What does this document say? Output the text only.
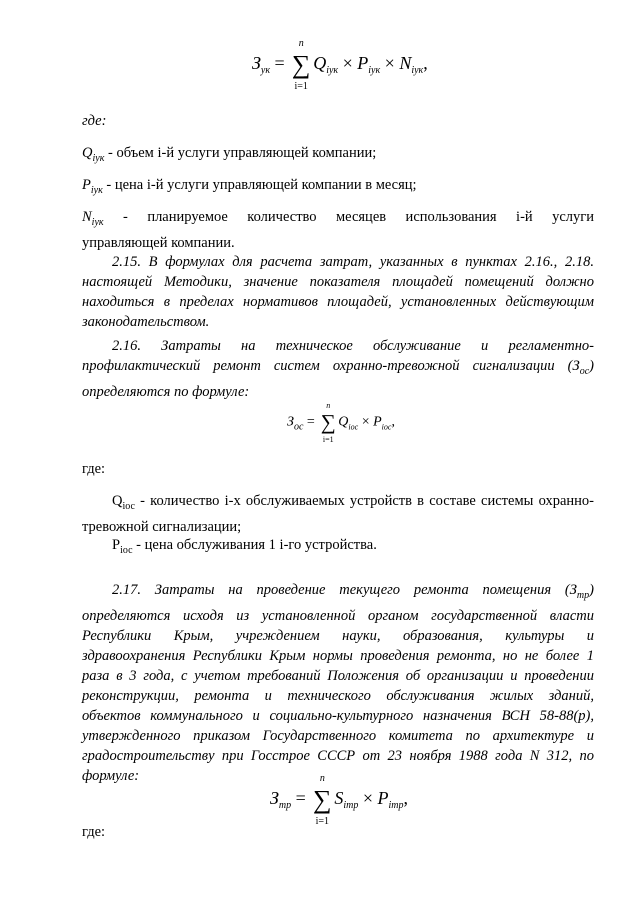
$З_{ук}$ =
n
∑
i=1
$Q_{iук} \times P_{iук} \times N_{iук}$,

где:

$Q_{iук}$ - объем i-й услуги управляющей компании;

$P_{iук}$ - цена i-й услуги управляющей компании в месяц;

$N_{iук}$ - планируемое количество месяцев использования i-й услуги
управляющей компании.

2.15. В формулах для расчета затрат, указанных в пунктах 2.16., 2.18.
настоящей Методики, значение показателя площадей помещений должно
находиться в пределах нормативов площадей, установленных действующим
законодательством.

2.16. Затраты на техническое обслуживание и регламентно-
профилактический ремонт систем охранно-тревожной сигнализации $(З_{ос})$
определяются по формуле:

$З_{ос}$ =
n
∑
i=1
$Q_{iос} \times P_{iос}$,

где:

$Q_{iос}$ - количество i-х обслуживаемых устройств в составе системы охранно-
тревожной сигнализации;

$P_{iос}$ - цена обслуживания 1 i-го устройства.

2.17. Затраты на проведение текущего ремонта помещения $(З_{тр})$
определяются исходя из установленной органом государственной власти
Республики Крым, учреждением науки, образования, культуры и
здравоохранения Республики Крым нормы проведения ремонта, но не более 1
раза в 3 года, с учетом требований Положения об организации и проведении
реконструкции, ремонта и технического обслуживания жилых зданий,
объектов коммунального и социально-культурного назначения ВСН 58-88(р),
утвержденного приказом Государственного комитета по архитектуре и
градостроительству при Госстрое СССР от 23 ноября 1988 года N 312, по
формуле:

$З_{тр}$ =
n
∑
i=1
$S_{iтр} \times P_{iтр}$,

где:
